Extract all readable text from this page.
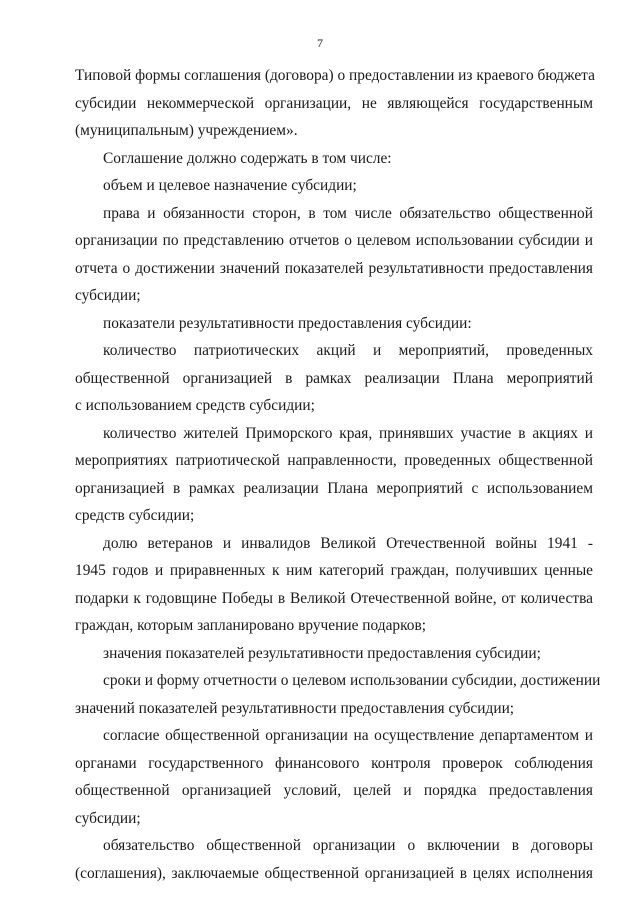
7
Типовой формы соглашения (договора) о предоставлении из краевого бюджета
субсидии некоммерческой организации, не являющейся государственным
(муниципальным) учреждением».
Соглашение должно содержать в том числе:
объем и целевое назначение субсидии;
права и обязанности сторон, в том числе обязательство общественной
организации по представлению отчетов о целевом использовании субсидии и
отчета о достижении значений показателей результативности предоставления
субсидии;
показатели результативности предоставления субсидии:
количество патриотических акций и мероприятий, проведенных
общественной организацией в рамках реализации Плана мероприятий
с использованием средств субсидии;
количество жителей Приморского края, принявших участие в акциях и
мероприятиях патриотической направленности, проведенных общественной
организацией в рамках реализации Плана мероприятий с использованием
средств субсидии;
долю ветеранов и инвалидов Великой Отечественной войны 1941 -
1945 годов и приравненных к ним категорий граждан, получивших ценные
подарки к годовщине Победы в Великой Отечественной войне, от количества
граждан, которым запланировано вручение подарков;
значения показателей результативности предоставления субсидии;
сроки и форму отчетности о целевом использовании субсидии, достижении
значений показателей результативности предоставления субсидии;
согласие общественной организации на осуществление департаментом и
органами государственного финансового контроля проверок соблюдения
общественной организацией условий, целей и порядка предоставления
субсидии;
обязательство общественной организации о включении в договоры
(соглашения), заключаемые общественной организацией в целях исполнения
